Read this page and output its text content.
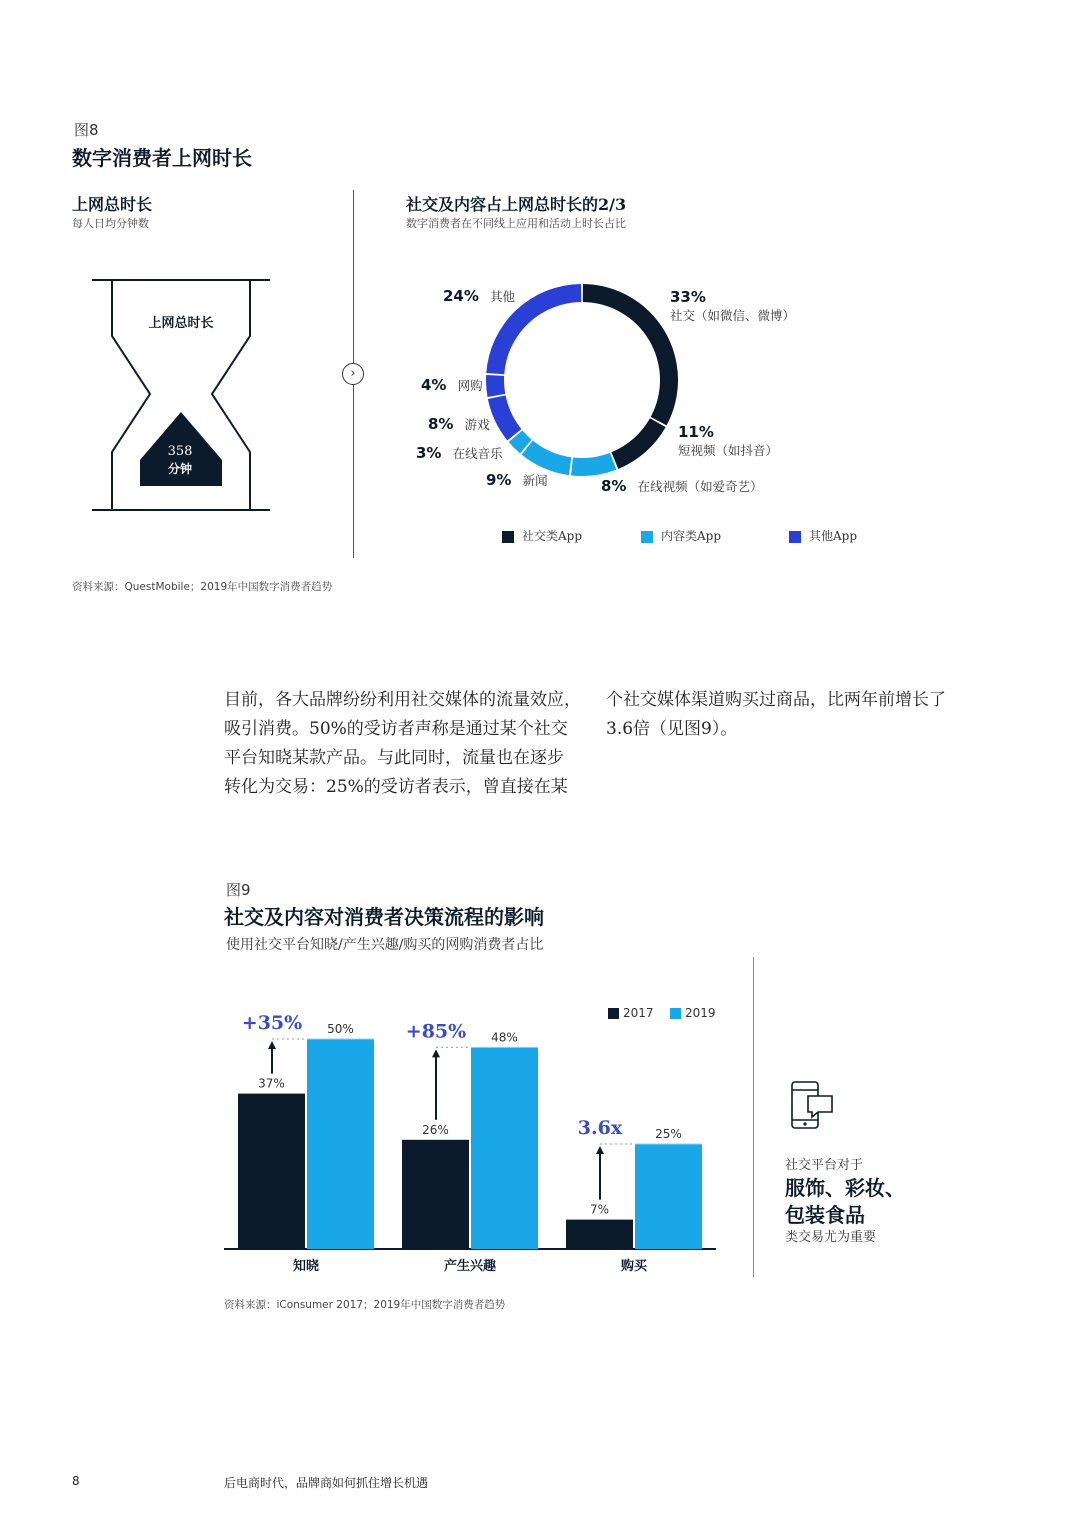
图8
数字消费者上网时长
上网总时长
每人日均分钟数
上网总时长
358
分钟
›
社交及内容占上网总时长的2/3
数字消费者在不同线上应用和活动上时长占比
33%
社交（如微信、微博）
11%
短视频（如抖音）
8% 在线视频（如爱奇艺）
9% 新闻
3% 在线音乐
8% 游戏
4% 网购
24% 其他
社交类App	内容类App	其他App
资料来源：QuestMobile；2019年中国数字消费者趋势
目前，各大品牌纷纷利用社交媒体的流量效应，
吸引消费。50%的受访者声称是通过某个社交
平台知晓某款产品。与此同时，流量也在逐步
转化为交易：25%的受访者表示，曾直接在某
个社交媒体渠道购买过商品，比两年前增长了
3.6倍（见图9）。
图9
社交及内容对消费者决策流程的影响
使用社交平台知晓/产生兴趣/购买的网购消费者占比
37%
50%
+35%
知晓
26%
48%
+85%
产生兴趣
7%
25%
3.6x
购买
2017	2019
社交平台对于
服饰、彩妆、
包装食品
类交易尤为重要
资料来源：iConsumer 2017；2019年中国数字消费者趋势
8	后电商时代，品牌商如何抓住增长机遇
